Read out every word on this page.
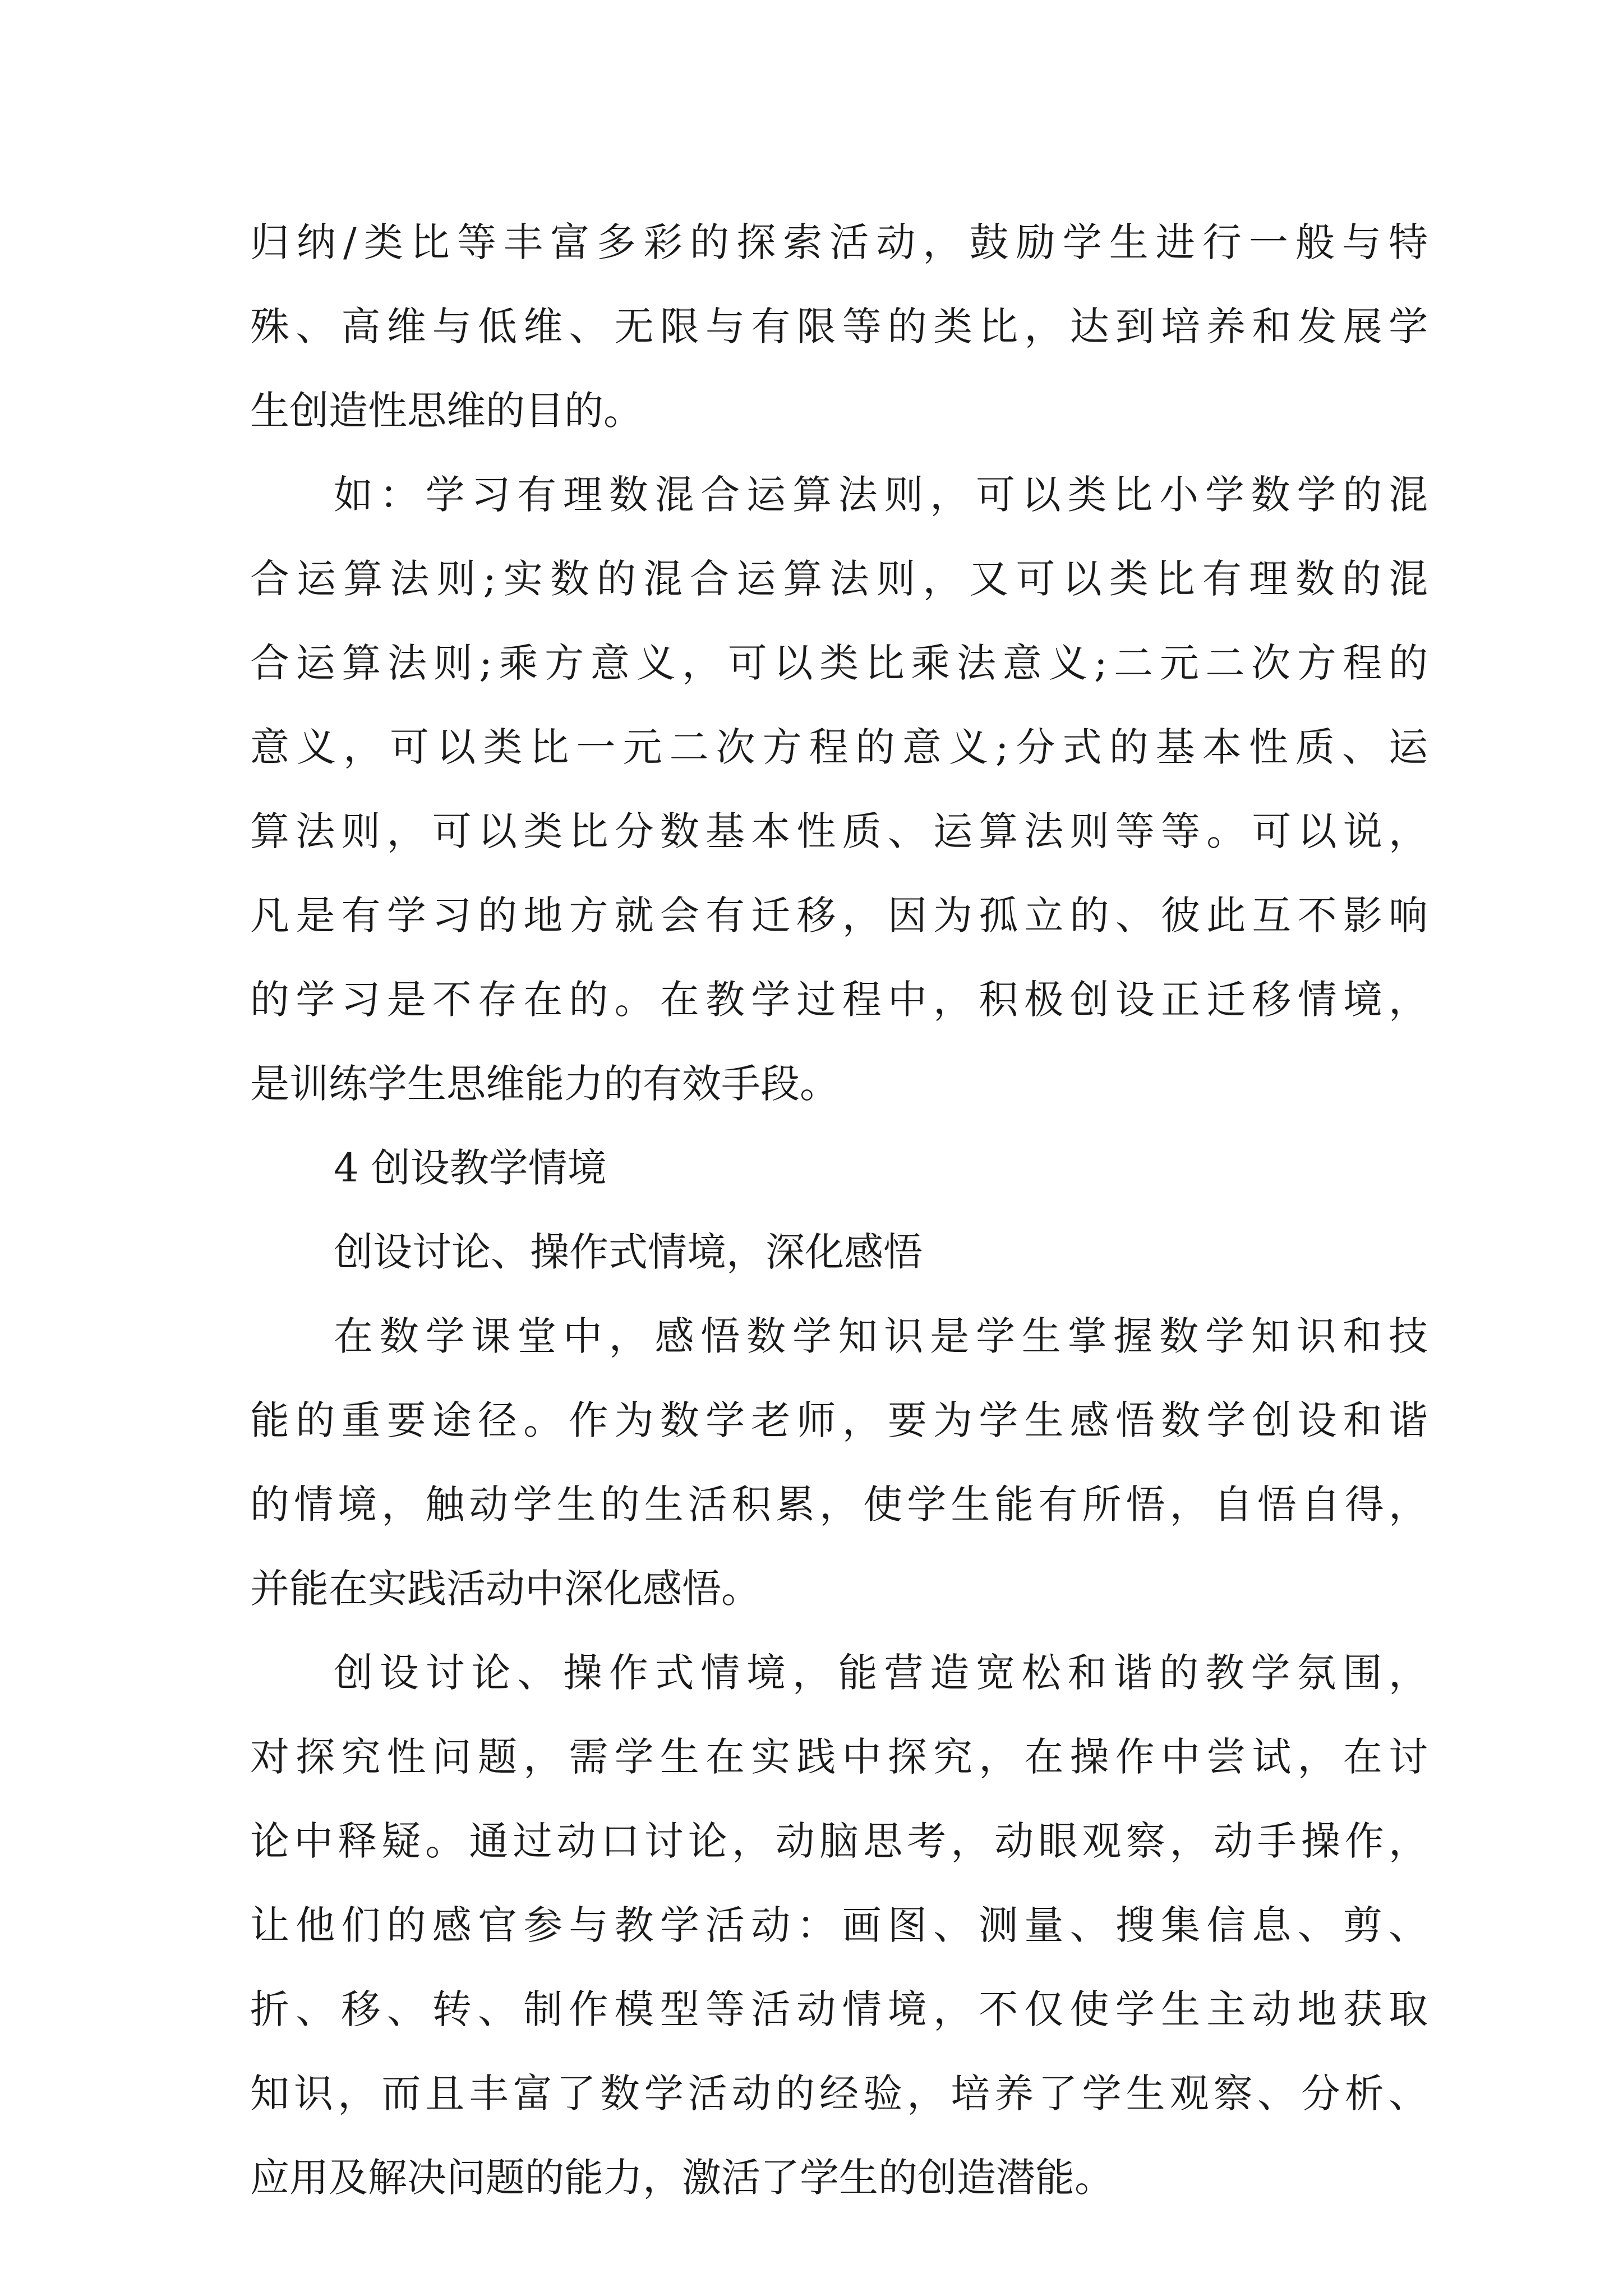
归纳/类比等丰富多彩的探索活动，鼓励学生进行一般与特
殊、高维与低维、无限与有限等的类比，达到培养和发展学
生创造性思维的目的。
如：学习有理数混合运算法则，可以类比小学数学的混
合运算法则;实数的混合运算法则，又可以类比有理数的混
合运算法则;乘方意义，可以类比乘法意义;二元二次方程的
意义，可以类比一元二次方程的意义;分式的基本性质、运
算法则，可以类比分数基本性质、运算法则等等。可以说，
凡是有学习的地方就会有迁移，因为孤立的、彼此互不影响
的学习是不存在的。在教学过程中，积极创设正迁移情境，
是训练学生思维能力的有效手段。
4 创设教学情境
创设讨论、操作式情境，深化感悟
在数学课堂中，感悟数学知识是学生掌握数学知识和技
能的重要途径。作为数学老师，要为学生感悟数学创设和谐
的情境，触动学生的生活积累，使学生能有所悟，自悟自得，
并能在实践活动中深化感悟。
创设讨论、操作式情境，能营造宽松和谐的教学氛围，
对探究性问题，需学生在实践中探究，在操作中尝试，在讨
论中释疑。通过动口讨论，动脑思考，动眼观察，动手操作，
让他们的感官参与教学活动：画图、测量、搜集信息、剪、
折、移、转、制作模型等活动情境，不仅使学生主动地获取
知识，而且丰富了数学活动的经验，培养了学生观察、分析、
应用及解决问题的能力，激活了学生的创造潜能。
